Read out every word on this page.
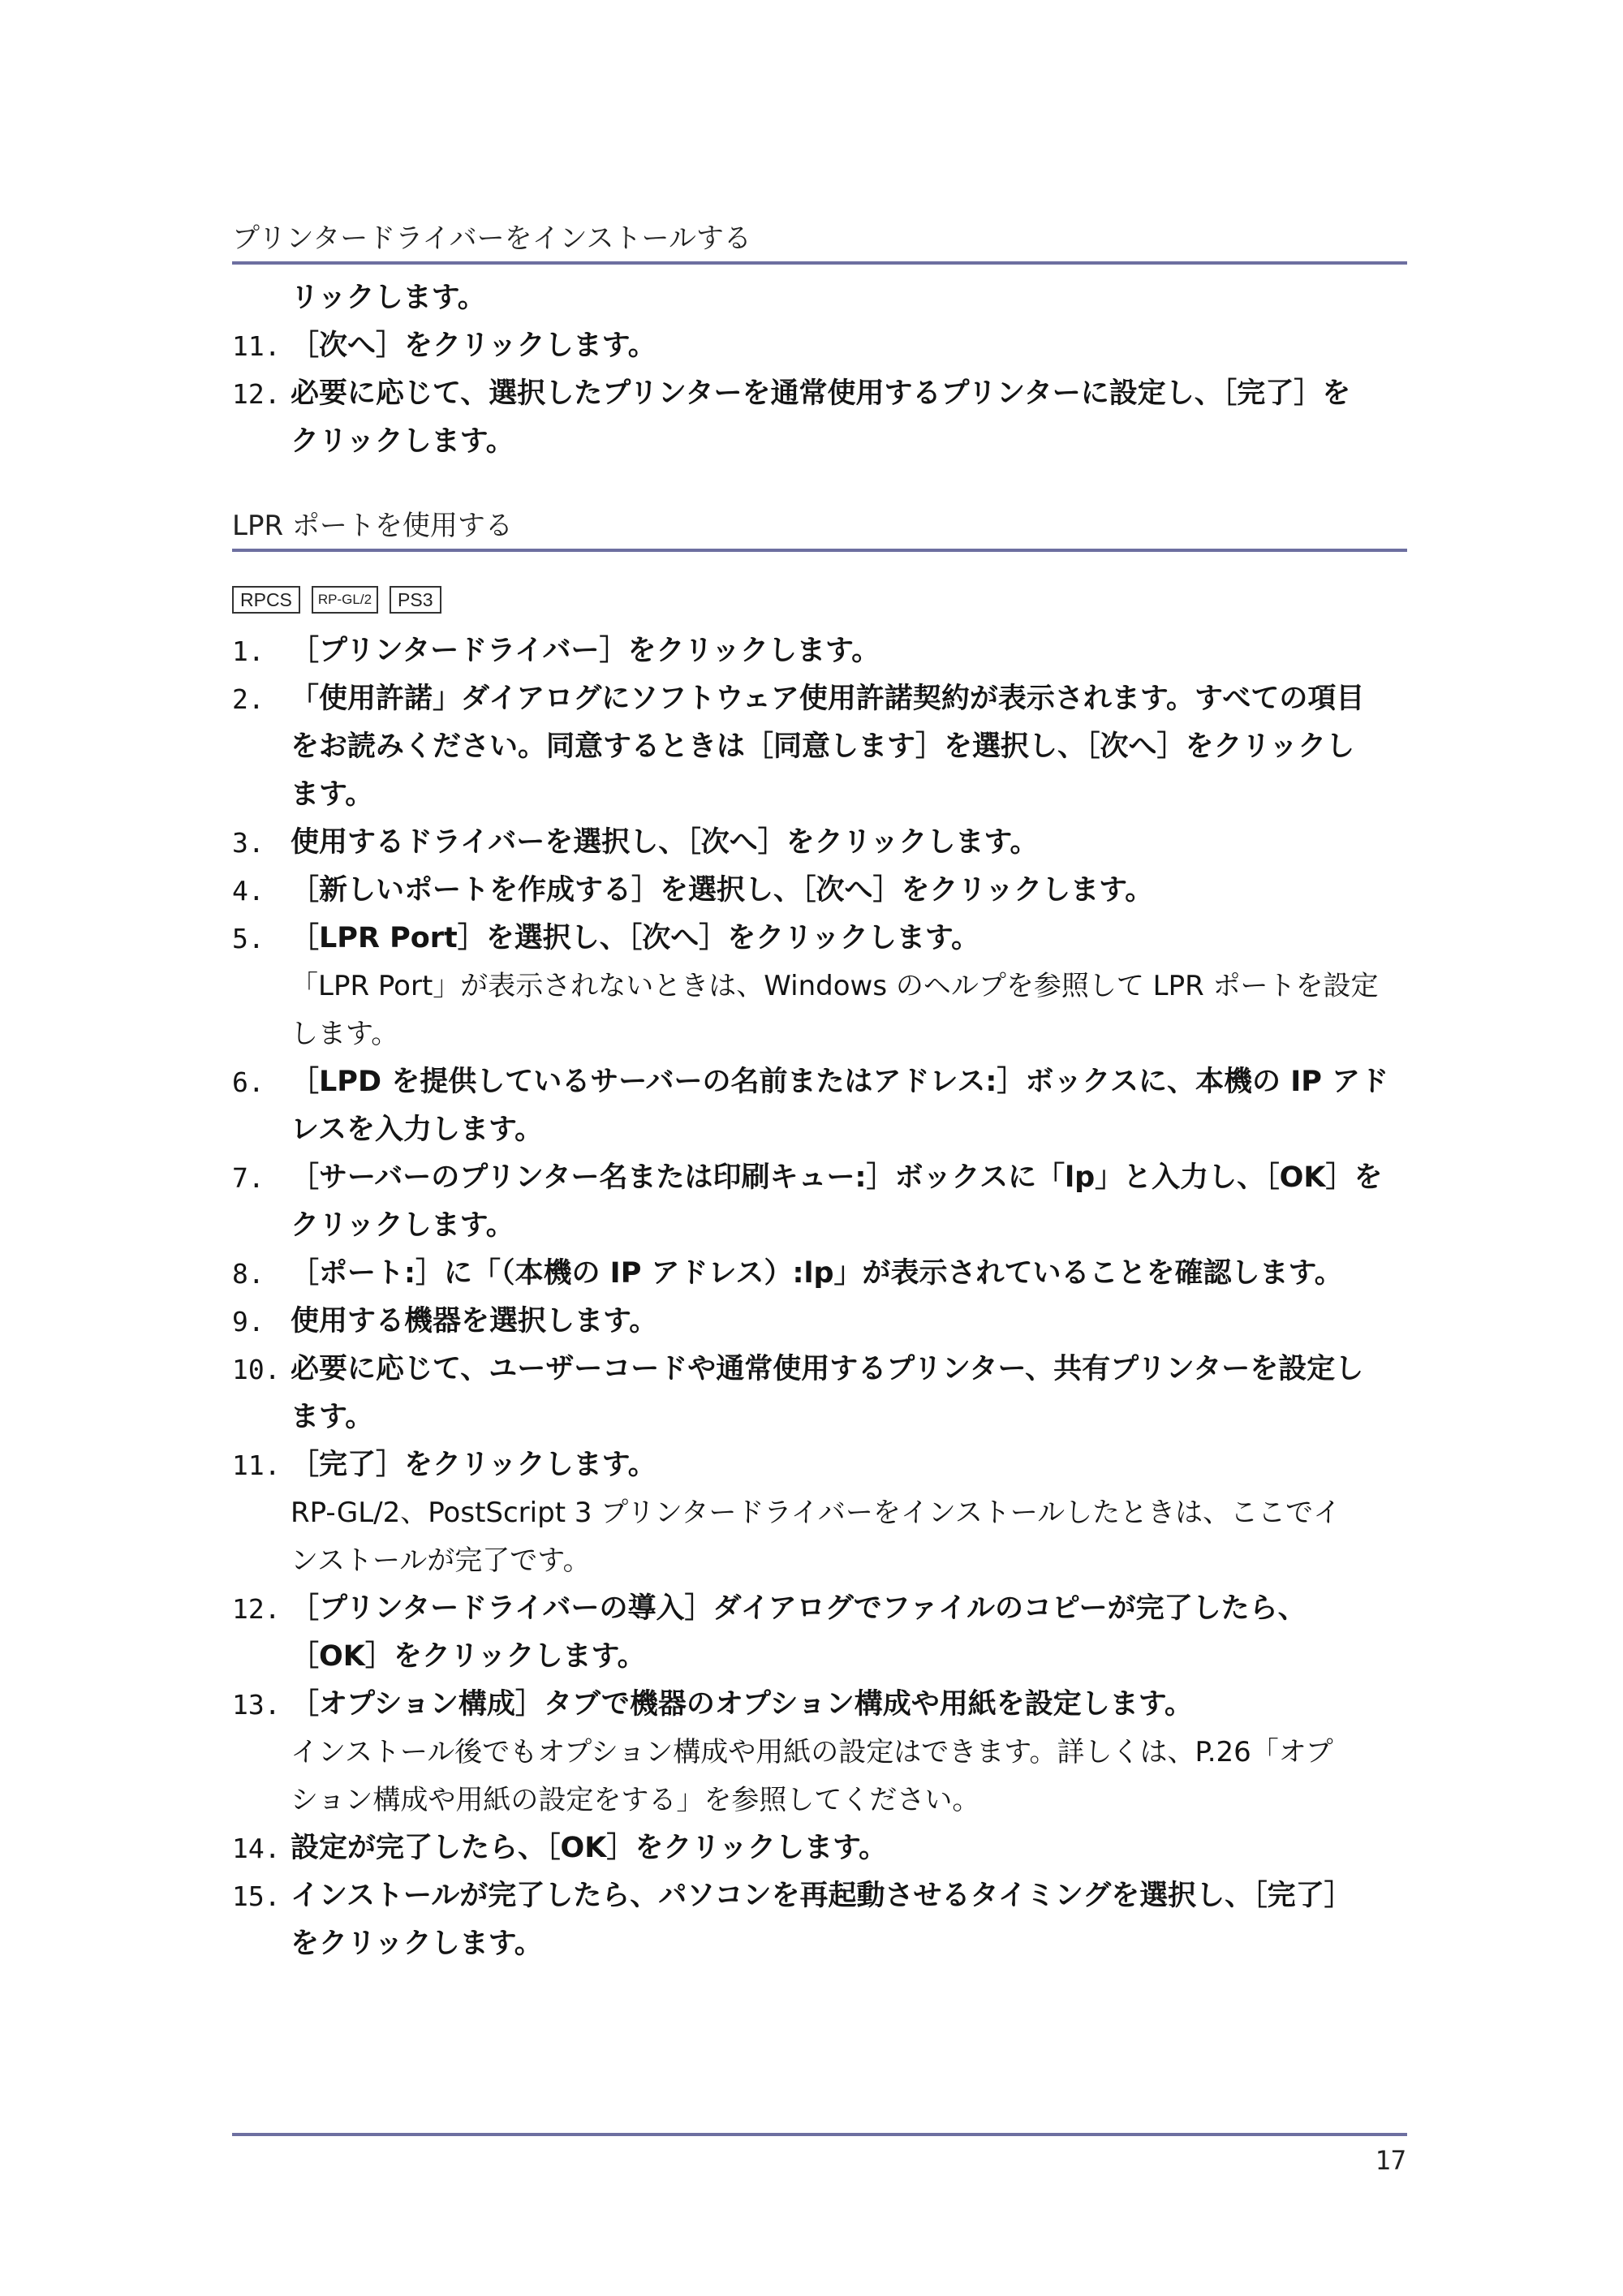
プリンタードライバーをインストールする
リックします。
11. ［次へ］をクリックします。
12. 必要に応じて、選択したプリンターを通常使用するプリンターに設定し、［完了］を
クリックします。
LPR ポートを使用する
RPCS	RP-GL/2	PS3
1. ［プリンタードライバー］をクリックします。
2. 「使用許諾」ダイアログにソフトウェア使用許諾契約が表示されます。すべての項目
をお読みください。同意するときは［同意します］を選択し、［次へ］をクリックし
ます。
3. 使用するドライバーを選択し、［次へ］をクリックします。
4. ［新しいポートを作成する］を選択し、［次へ］をクリックします。
5. ［LPR Port］を選択し、［次へ］をクリックします。
「LPR Port」が表示されないときは、Windows のヘルプを参照して LPR ポートを設定
します。
6. ［LPD を提供しているサーバーの名前またはアドレス:］ボックスに、本機の IP アド
レスを入力します。
7. ［サーバーのプリンター名または印刷キュー:］ボックスに「lp」と入力し、［OK］を
クリックします。
8. ［ポート:］に「（本機の IP アドレス）:lp」が表示されていることを確認します。
9. 使用する機器を選択します。
10. 必要に応じて、ユーザーコードや通常使用するプリンター、共有プリンターを設定し
ます。
11. ［完了］をクリックします。
RP-GL/2、PostScript 3 プリンタードライバーをインストールしたときは、ここでイ
ンストールが完了です。
12. ［プリンタードライバーの導入］ダイアログでファイルのコピーが完了したら、
［OK］をクリックします。
13. ［オプション構成］タブで機器のオプション構成や用紙を設定します。
インストール後でもオプション構成や用紙の設定はできます。詳しくは、P.26「オプ
ション構成や用紙の設定をする」を参照してください。
14. 設定が完了したら、［OK］をクリックします。
15. インストールが完了したら、パソコンを再起動させるタイミングを選択し、［完了］
をクリックします。
17
